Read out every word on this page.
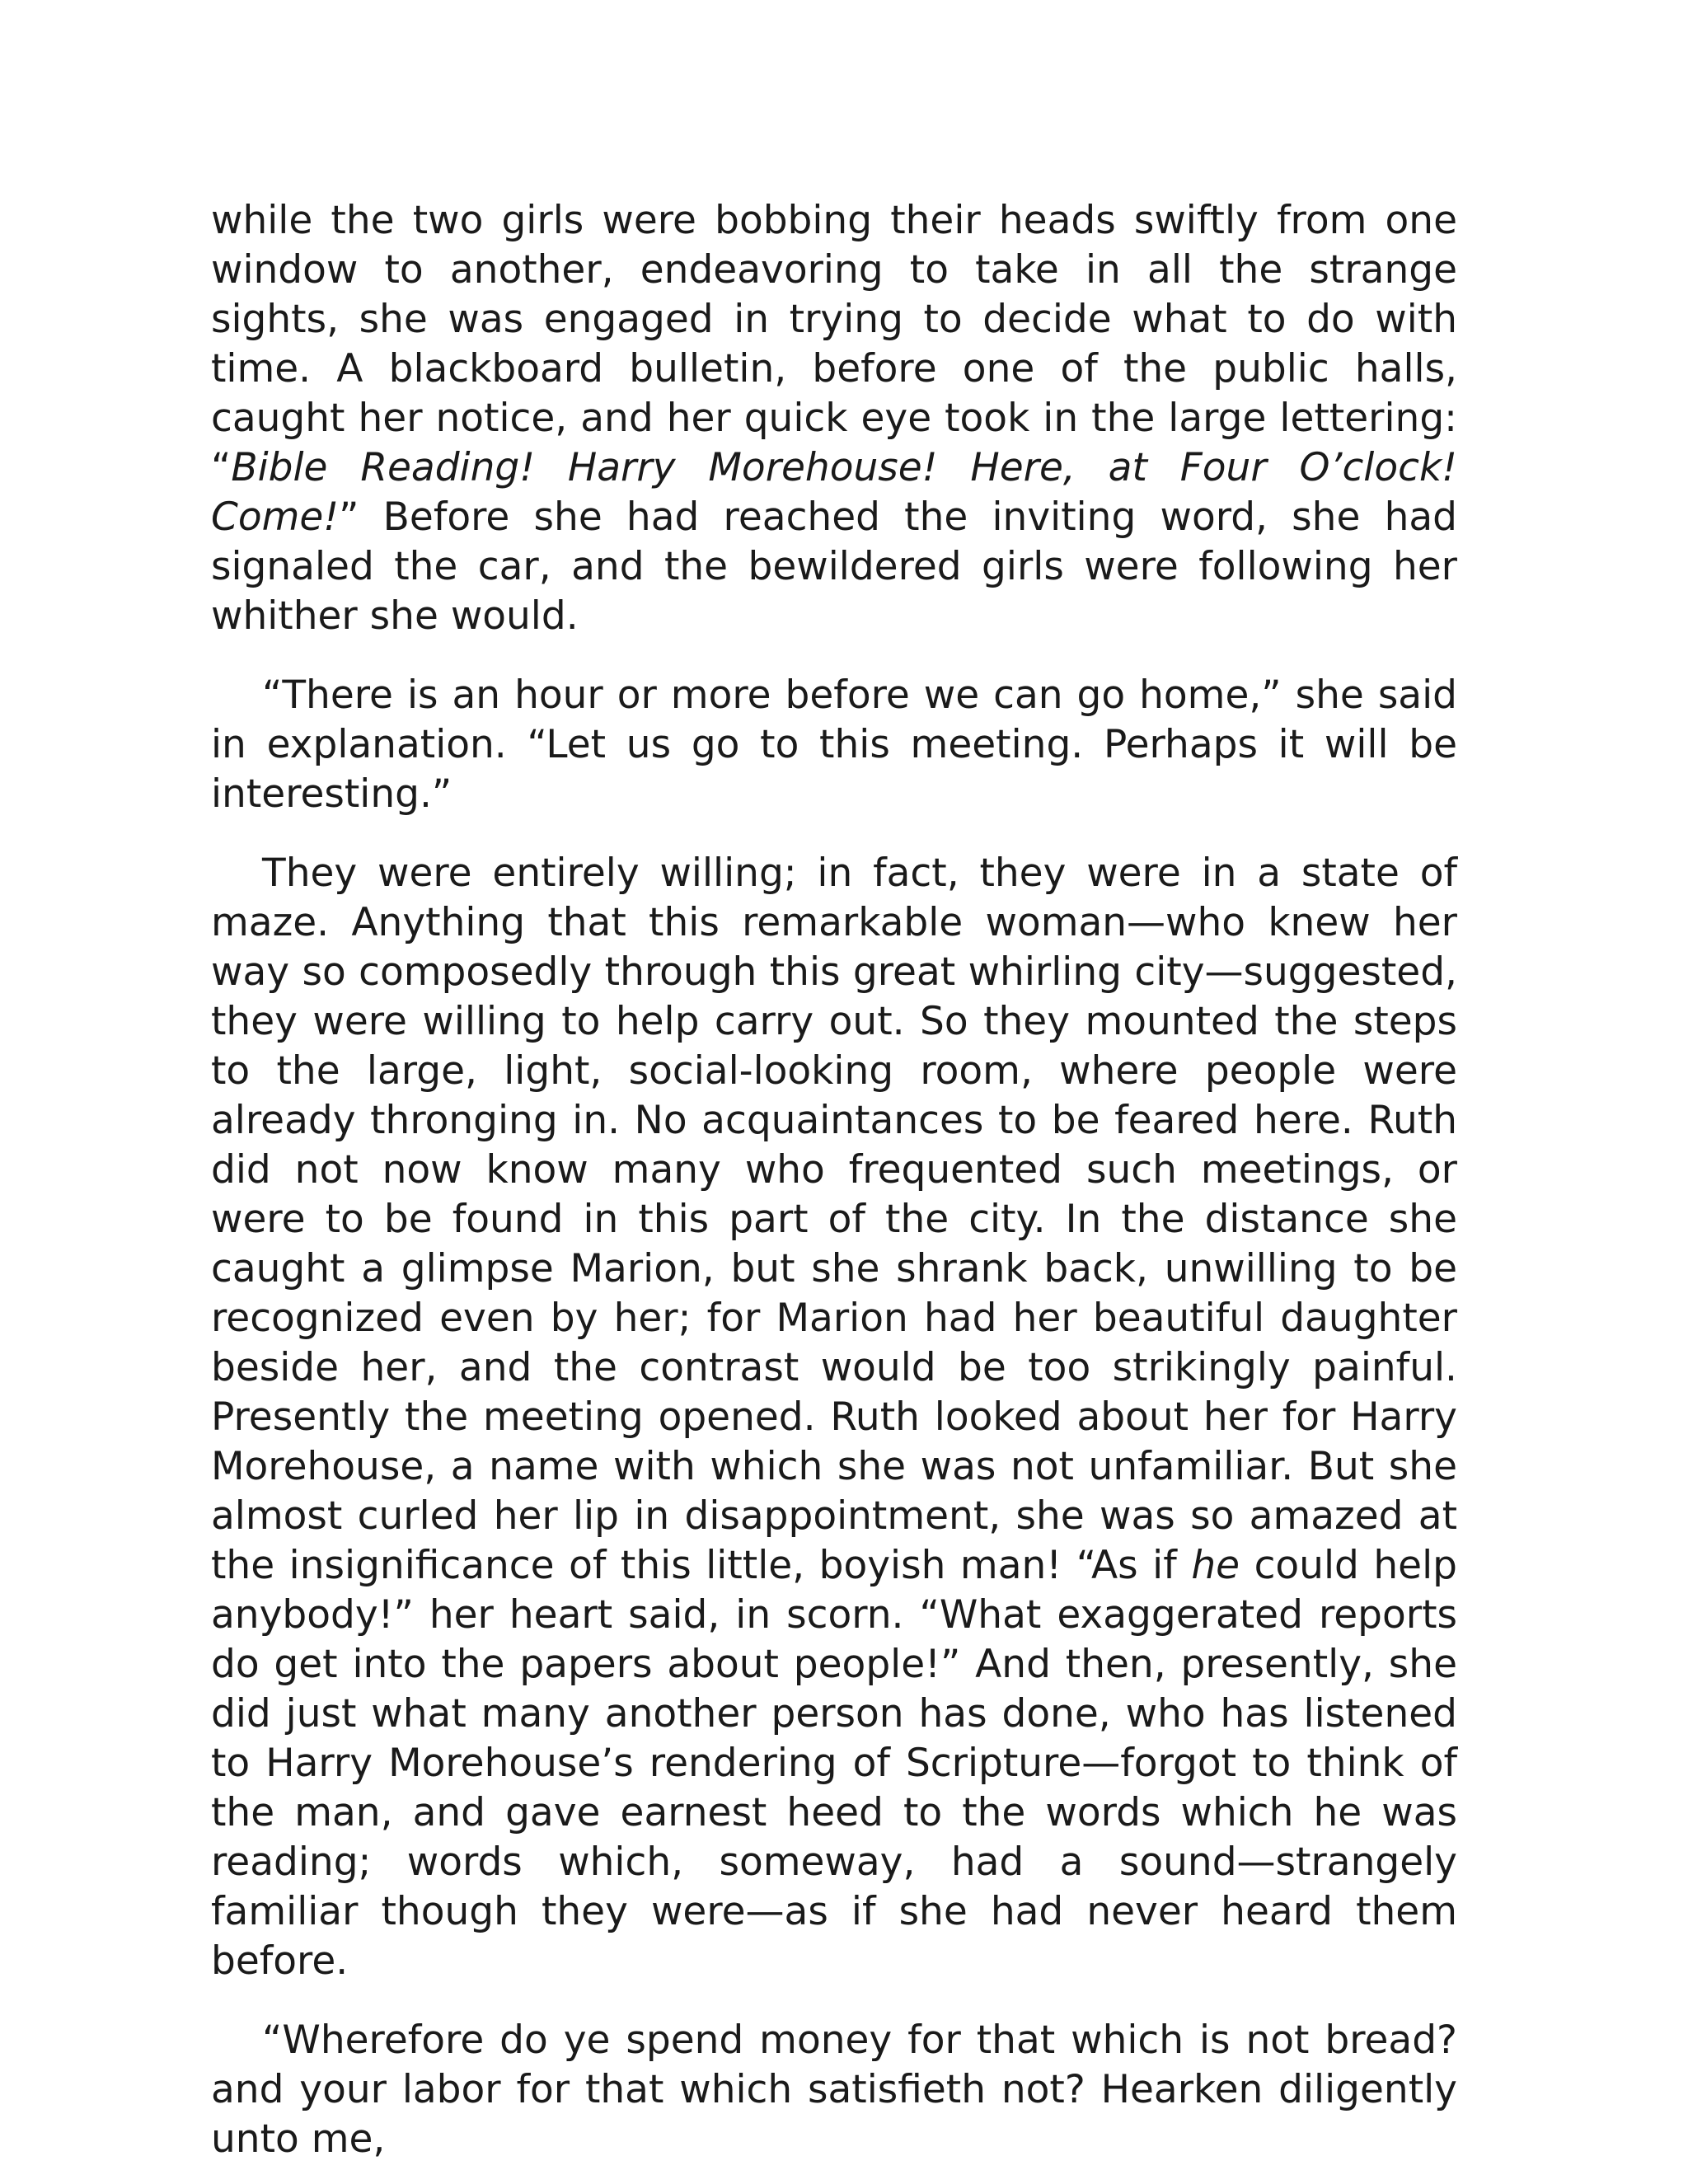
while the two girls were bobbing their heads swiftly from one window to another, endeavoring to take in all the strange sights, she was engaged in trying to decide what to do with time. A blackboard bulletin, before one of the public halls, caught her notice, and her quick eye took in the large lettering: “Bible Reading! Harry Morehouse! Here, at Four O’clock! Come!” Before she had reached the inviting word, she had signaled the car, and the bewildered girls were following her whither she would.

“There is an hour or more before we can go home,” she said in explanation. “Let us go to this meeting. Perhaps it will be interesting.”

They were entirely willing; in fact, they were in a state of maze. Anything that this remarkable woman—who knew her way so composedly through this great whirling city—suggested, they were willing to help carry out. So they mounted the steps to the large, light, social-looking room, where people were already thronging in. No acquaintances to be feared here. Ruth did not now know many who frequented such meetings, or were to be found in this part of the city. In the distance she caught a glimpse Marion, but she shrank back, unwilling to be recognized even by her; for Marion had her beautiful daughter beside her, and the contrast would be too strikingly painful. Presently the meeting opened. Ruth looked about her for Harry Morehouse, a name with which she was not unfamiliar. But she almost curled her lip in disappointment, she was so amazed at the insignificance of this little, boyish man! “As if he could help anybody!” her heart said, in scorn. “What exaggerated reports do get into the papers about people!” And then, presently, she did just what many another person has done, who has listened to Harry Morehouse’s rendering of Scripture—forgot to think of the man, and gave earnest heed to the words which he was reading; words which, someway, had a sound—strangely familiar though they were—as if she had never heard them before.

“Wherefore do ye spend money for that which is not bread? and your labor for that which satisfieth not? Hearken diligently unto me,
